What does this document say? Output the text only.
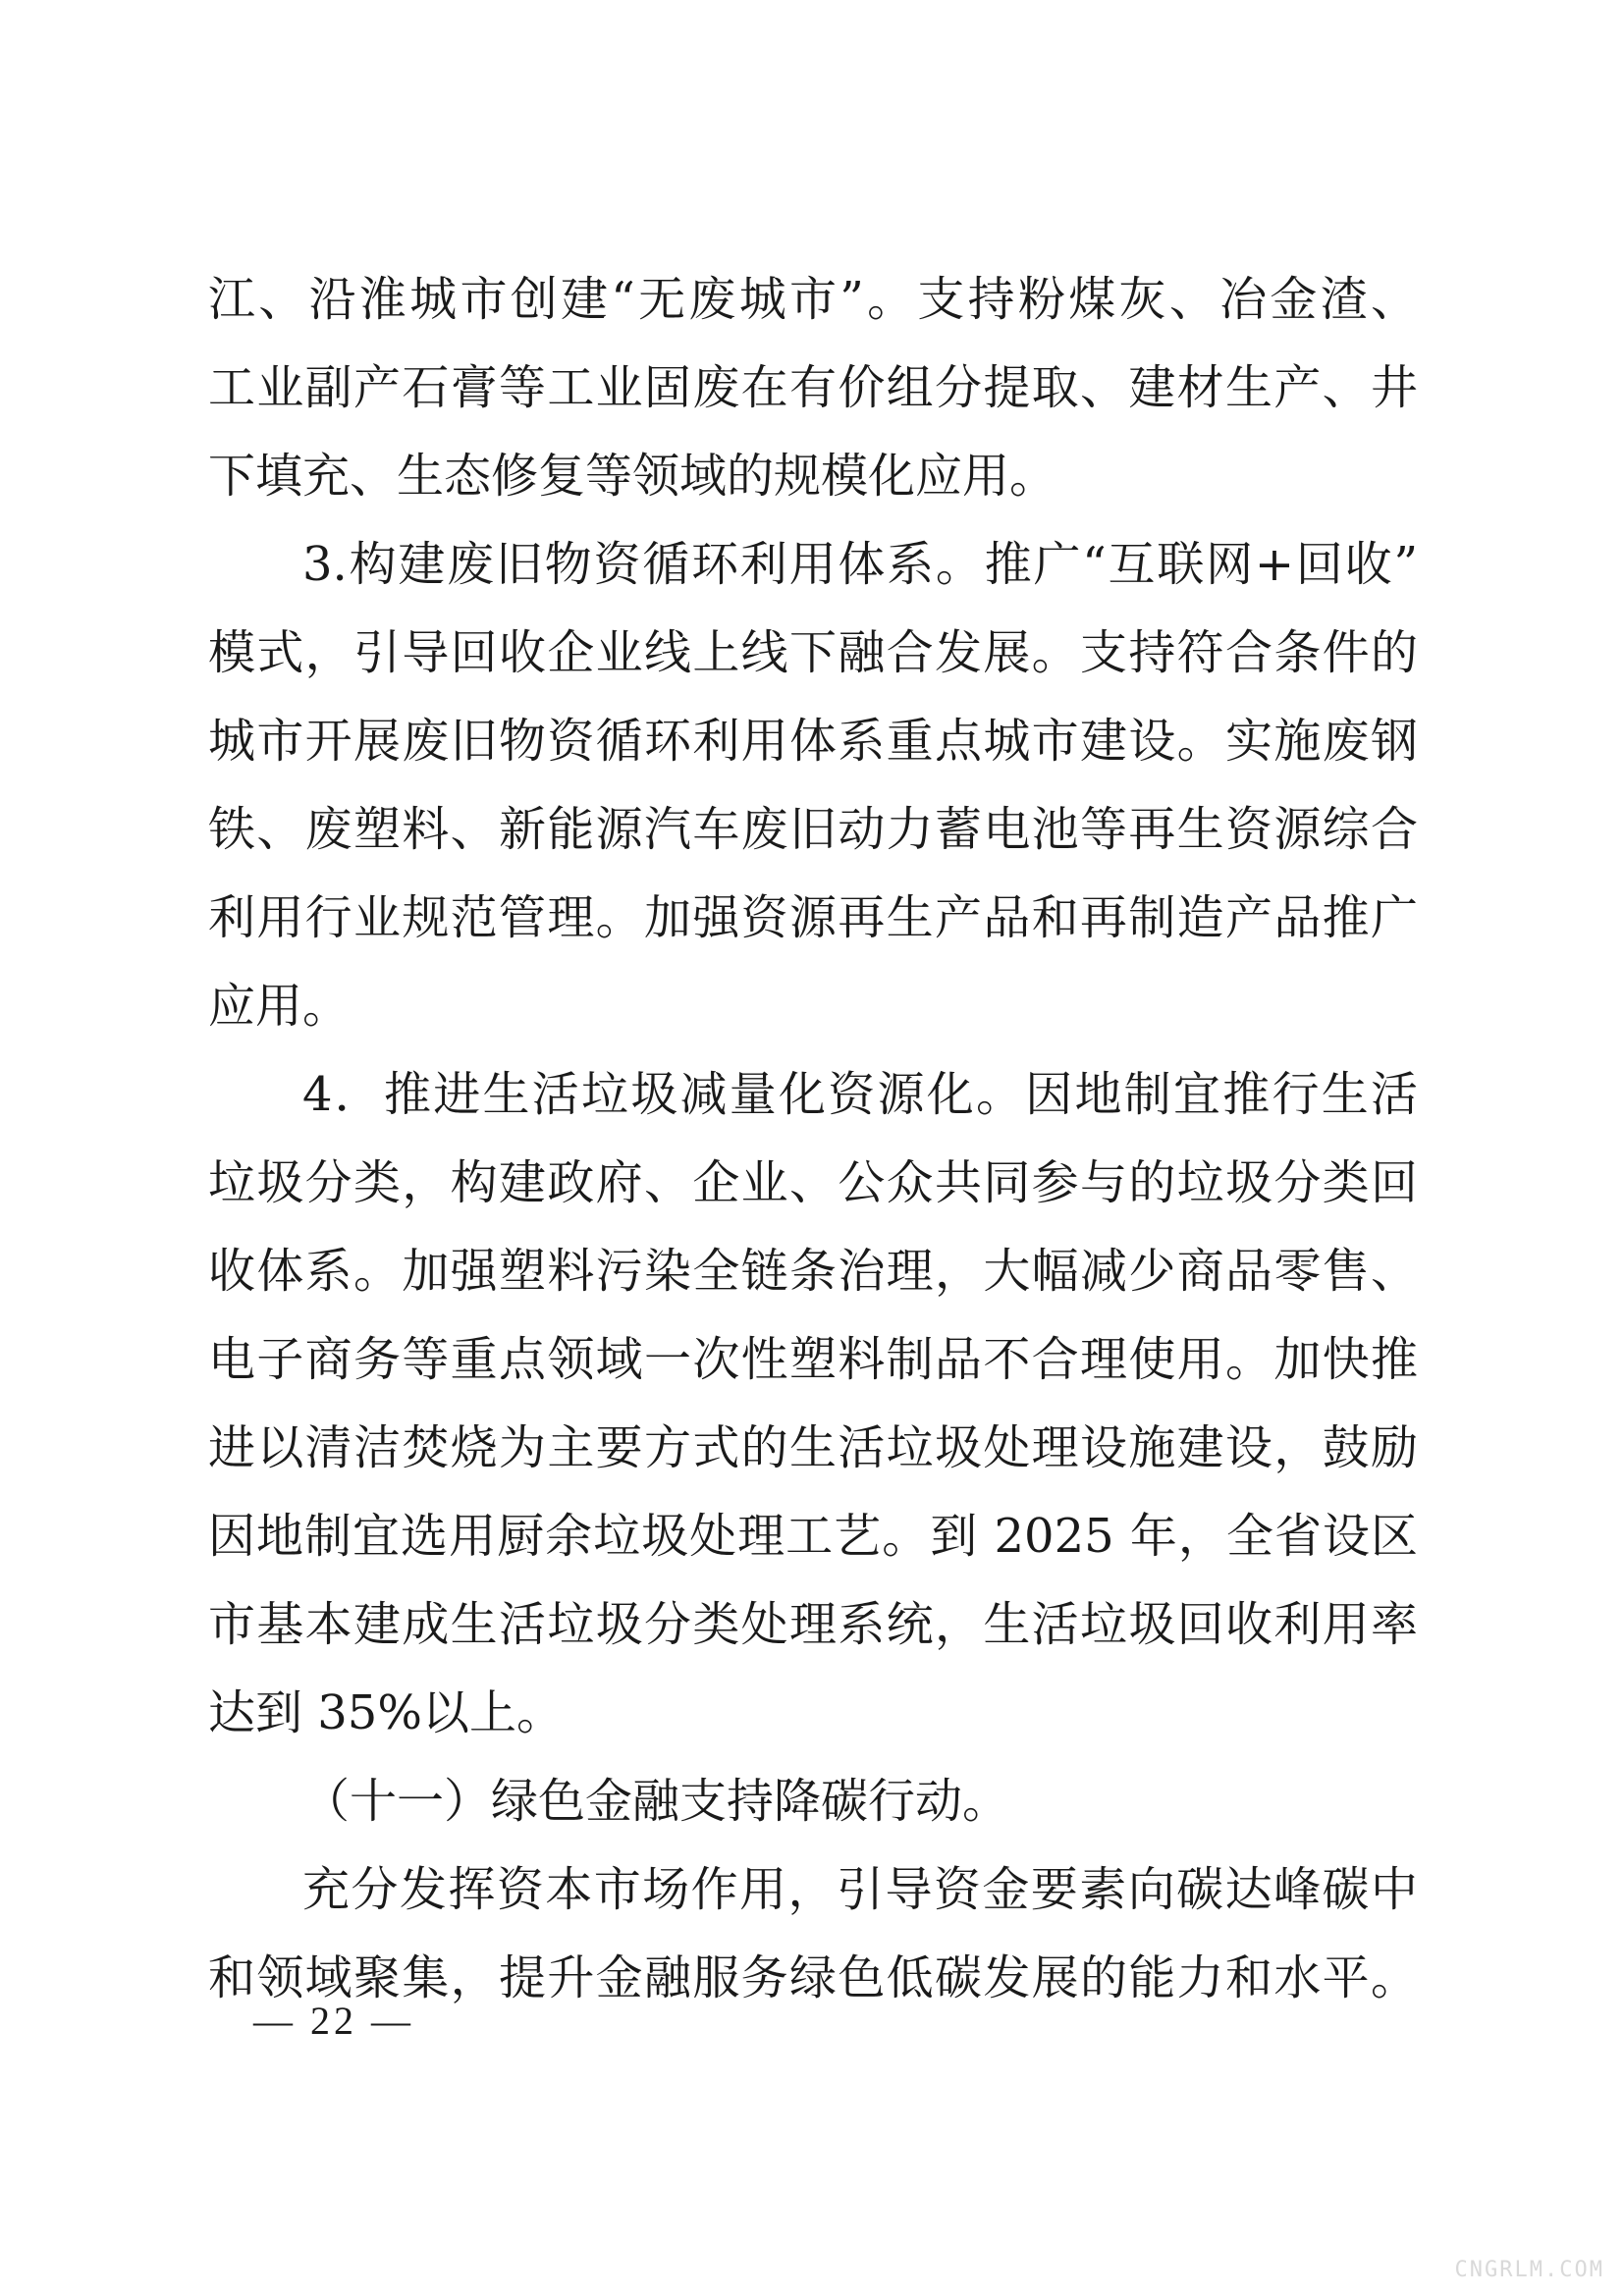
江、沿淮城市创建“无废城市”。支持粉煤灰、冶金渣、
工业副产石膏等工业固废在有价组分提取、建材生产、井
下填充、生态修复等领域的规模化应用。
3.构建废旧物资循环利用体系。推广“互联网+回收”
模式，引导回收企业线上线下融合发展。支持符合条件的
城市开展废旧物资循环利用体系重点城市建设。实施废钢
铁、废塑料、新能源汽车废旧动力蓄电池等再生资源综合
利用行业规范管理。加强资源再生产品和再制造产品推广
应用。
4．推进生活垃圾减量化资源化。因地制宜推行生活
垃圾分类，构建政府、企业、公众共同参与的垃圾分类回
收体系。加强塑料污染全链条治理，大幅减少商品零售、
电子商务等重点领域一次性塑料制品不合理使用。加快推
进以清洁焚烧为主要方式的生活垃圾处理设施建设，鼓励
因地制宜选用厨余垃圾处理工艺。到 2025 年，全省设区
市基本建成生活垃圾分类处理系统，生活垃圾回收利用率
达到 35%以上。
（十一）绿色金融支持降碳行动。
充分发挥资本市场作用，引导资金要素向碳达峰碳中
和领域聚集，提升金融服务绿色低碳发展的能力和水平。
— 22 —
CNGRLM.COM
